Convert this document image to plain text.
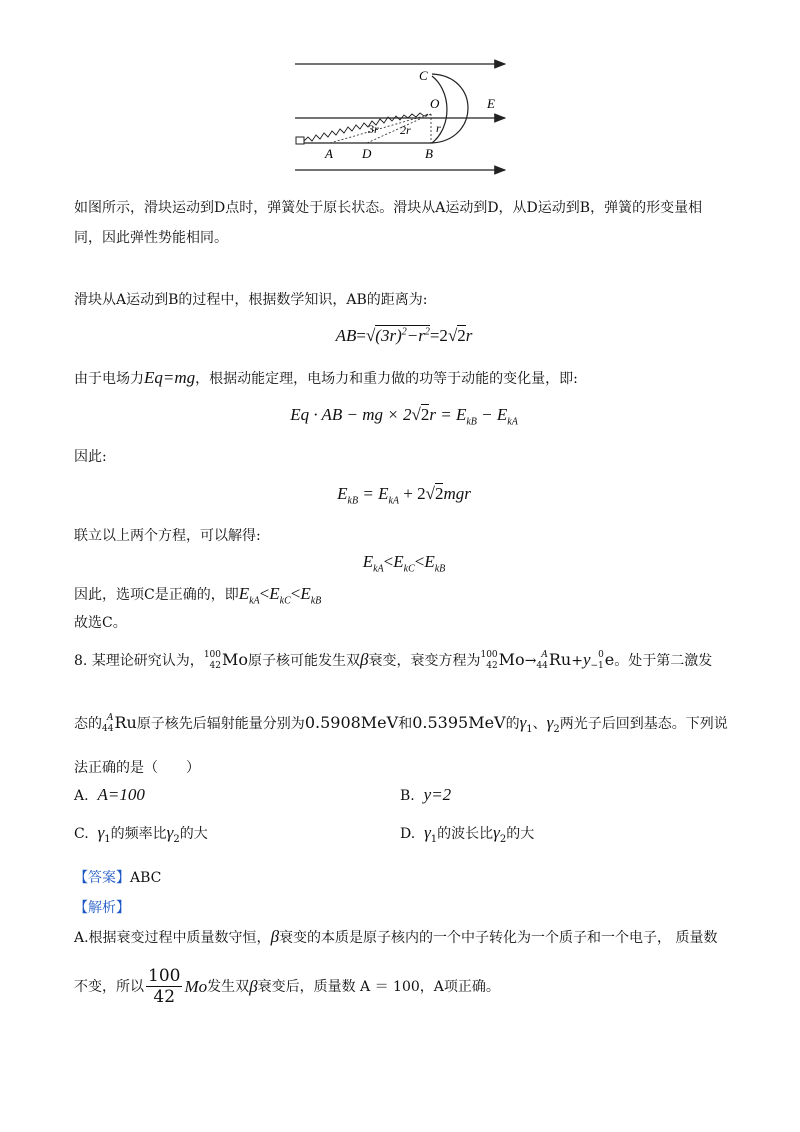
C
O	E
r
3r 2r
A D	B
如图所示，滑块运动到D点时，弹簧处于原长状态。滑块从A运动到D，从D运动到B，弹簧的形变量相
同，因此弹性势能相同。
滑块从A运动到B的过程中，根据数学知识，AB的距离为:
$AB=√(3r)^2-r^2=2√2r$
由于电场力Eq=mg，根据动能定理，电场力和重力做的功等于动能的变化量，即:
Eq · AB − mg × $2√2r = E_{kB} - E_{kA}$
因此:
$E_{kB} = E_{kA} + 2√2mgr$
联立以上两个方程，可以解得:
$E_{kA}<E_{kC}<E_{kB}$
因此，选项C是正确的，即$E_{kA}<E_{kC}<E_{kB}$
故选C。
8. 某理论研究认为， 100
42 Mo原子核可能发生双β衰变，衰变方程为 100
42 Mo→ A
44 Ru+y 0
−1 e。处于第二激发
态的 A
44 Ru原子核先后辐射能量分别为0.5908MeV和0.5395MeV的$\gamma_1$、$\gamma_2$两光子后回到基态。下列说
法正确的是（　　）
A. A=100	B. y=2
C. $\gamma_1$的频率比$\gamma_2$的大	D. $\gamma_1$的波长比$\gamma_2$的大
【答案】ABC
【解析】
A.根据衰变过程中质量数守恒，β衰变的本质是原子核内的一个中子转化为一个质子和一个电子， 质量数
不变，所以
100
42
Mo 发生双 β 衰变后，质量数 A ＝ 100，A项正确。
